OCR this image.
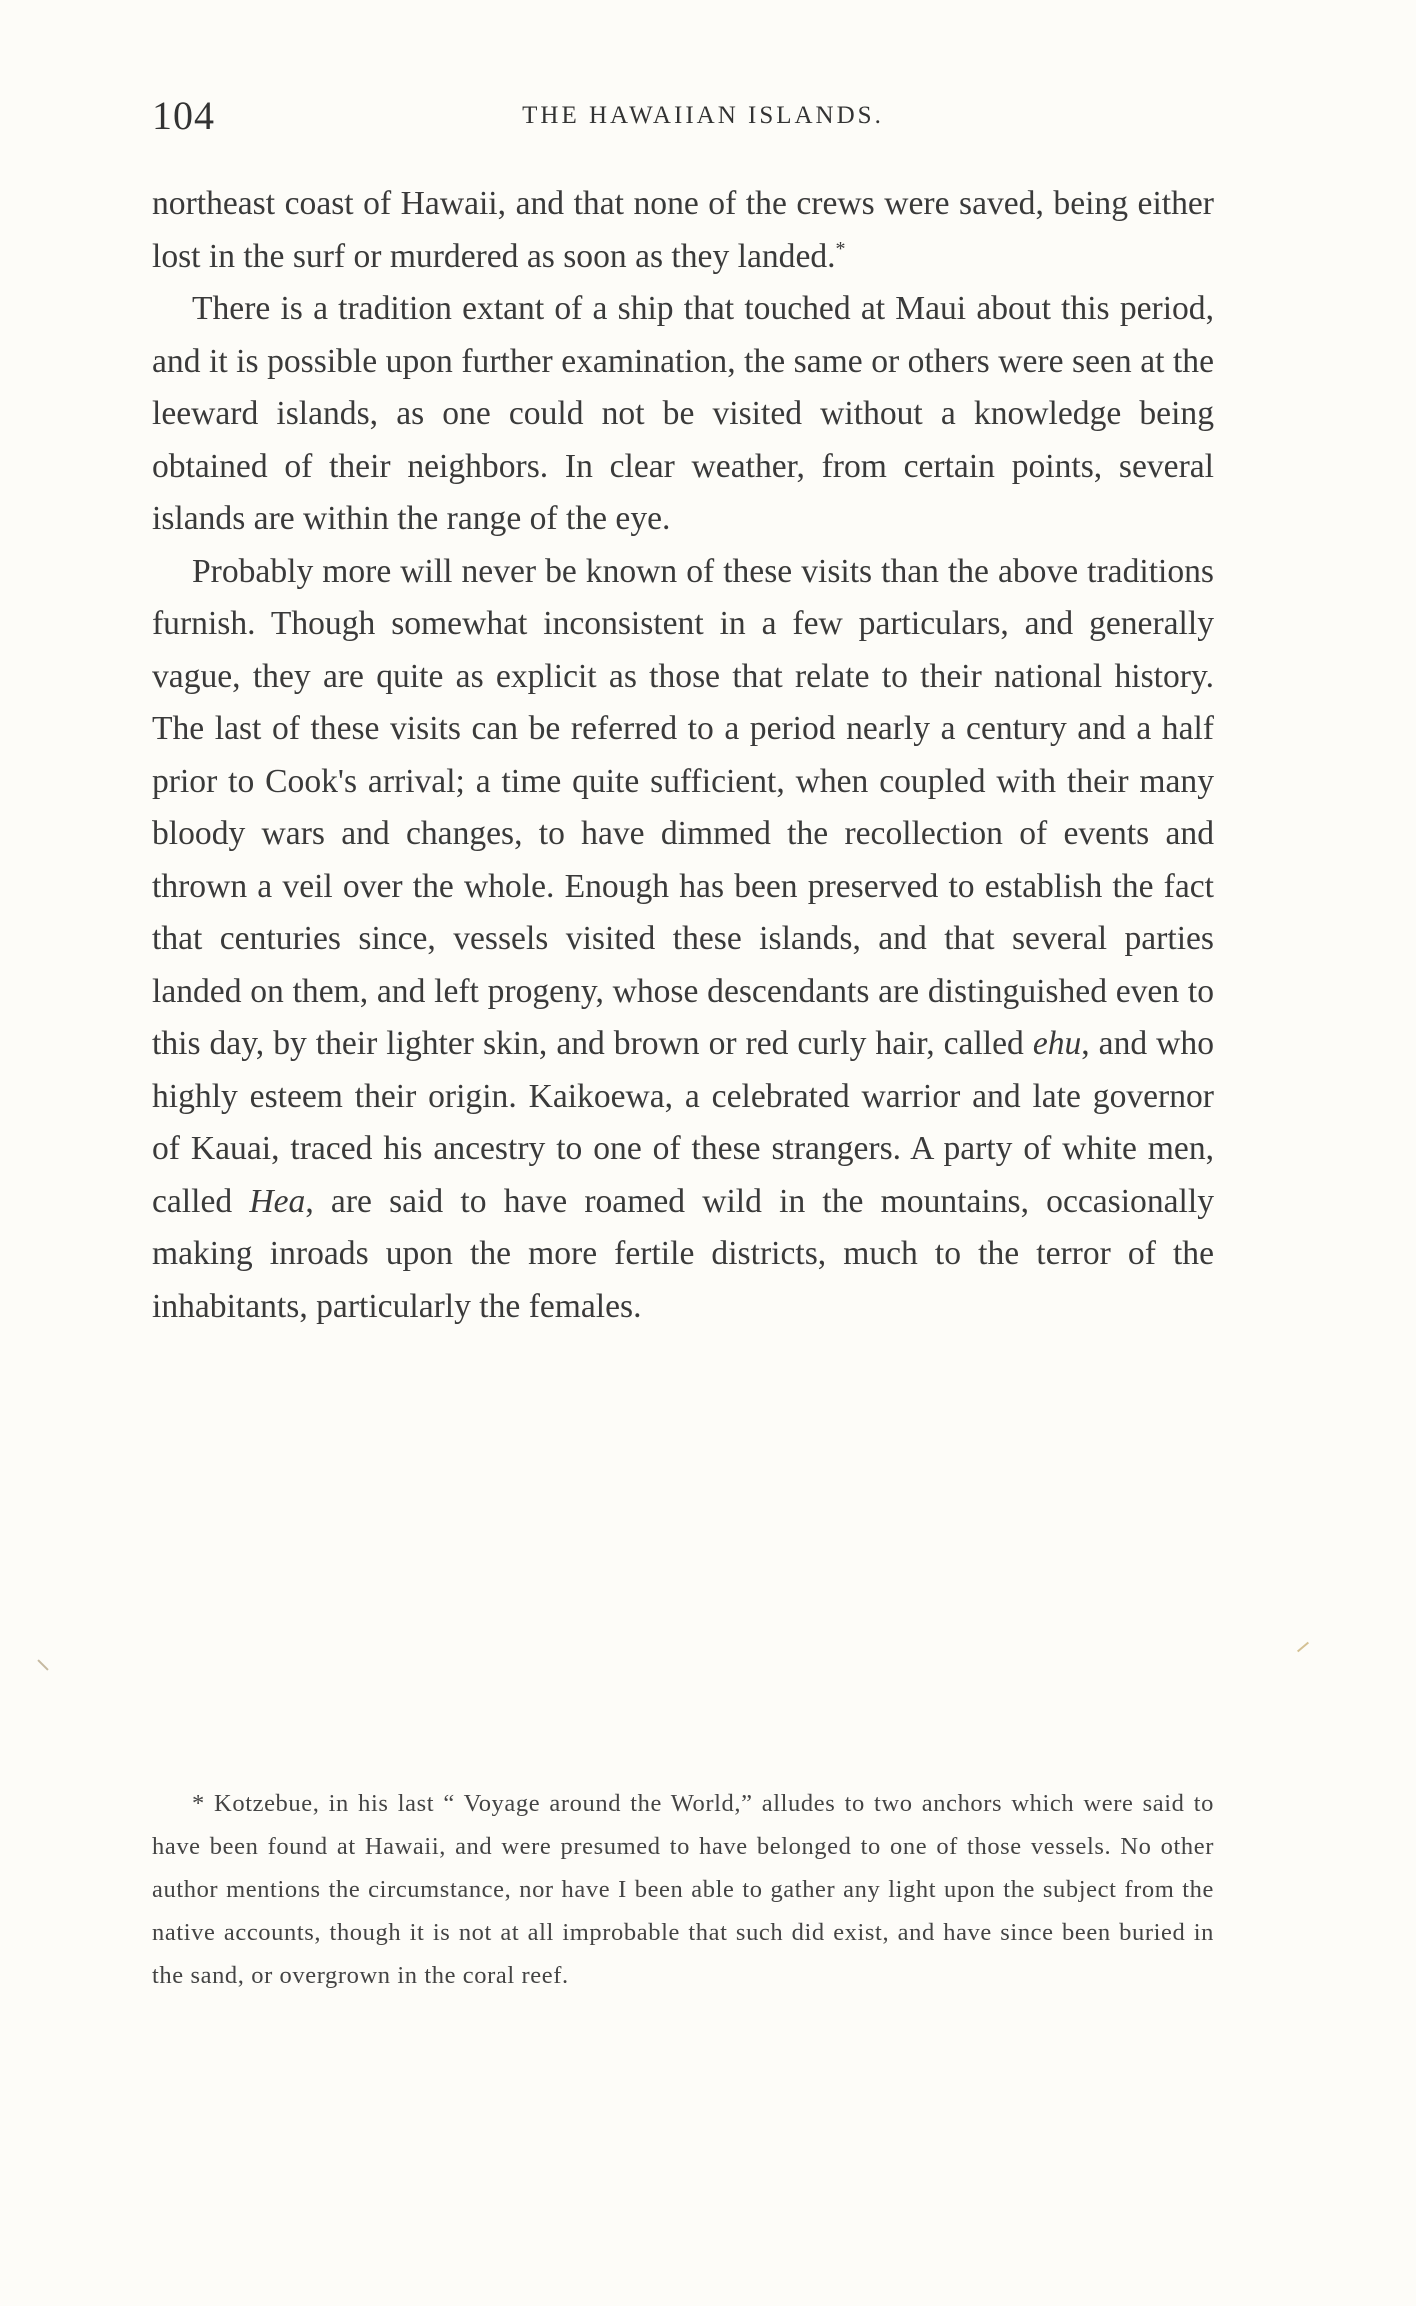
104	THE HAWAIIAN ISLANDS.

northeast coast of Hawaii, and that none of the crews were saved, being either lost in the surf or murdered as soon as they landed.*

There is a tradition extant of a ship that touched at Maui about this period, and it is possible upon further examination, the same or others were seen at the leeward islands, as one could not be visited without a knowledge being obtained of their neighbors. In clear weather, from certain points, several islands are within the range of the eye.

Probably more will never be known of these visits than the above traditions furnish. Though somewhat inconsistent in a few particulars, and generally vague, they are quite as explicit as those that relate to their national history. The last of these visits can be referred to a period nearly a century and a half prior to Cook's arrival; a time quite sufficient, when coupled with their many bloody wars and changes, to have dimmed the recollection of events and thrown a veil over the whole. Enough has been preserved to establish the fact that centuries since, vessels visited these islands, and that several parties landed on them, and left progeny, whose descendants are distinguished even to this day, by their lighter skin, and brown or red curly hair, called ehu, and who highly esteem their origin. Kaikoewa, a celebrated warrior and late governor of Kauai, traced his ancestry to one of these strangers. A party of white men, called Hea, are said to have roamed wild in the mountains, occasionally making inroads upon the more fertile districts, much to the terror of the inhabitants, particularly the females.

* Kotzebue, in his last “ Voyage around the World,” alludes to two anchors which were said to have been found at Hawaii, and were presumed to have belonged to one of those vessels. No other author mentions the circumstance, nor have I been able to gather any light upon the subject from the native accounts, though it is not at all improbable that such did exist, and have since been buried in the sand, or overgrown in the coral reef.
